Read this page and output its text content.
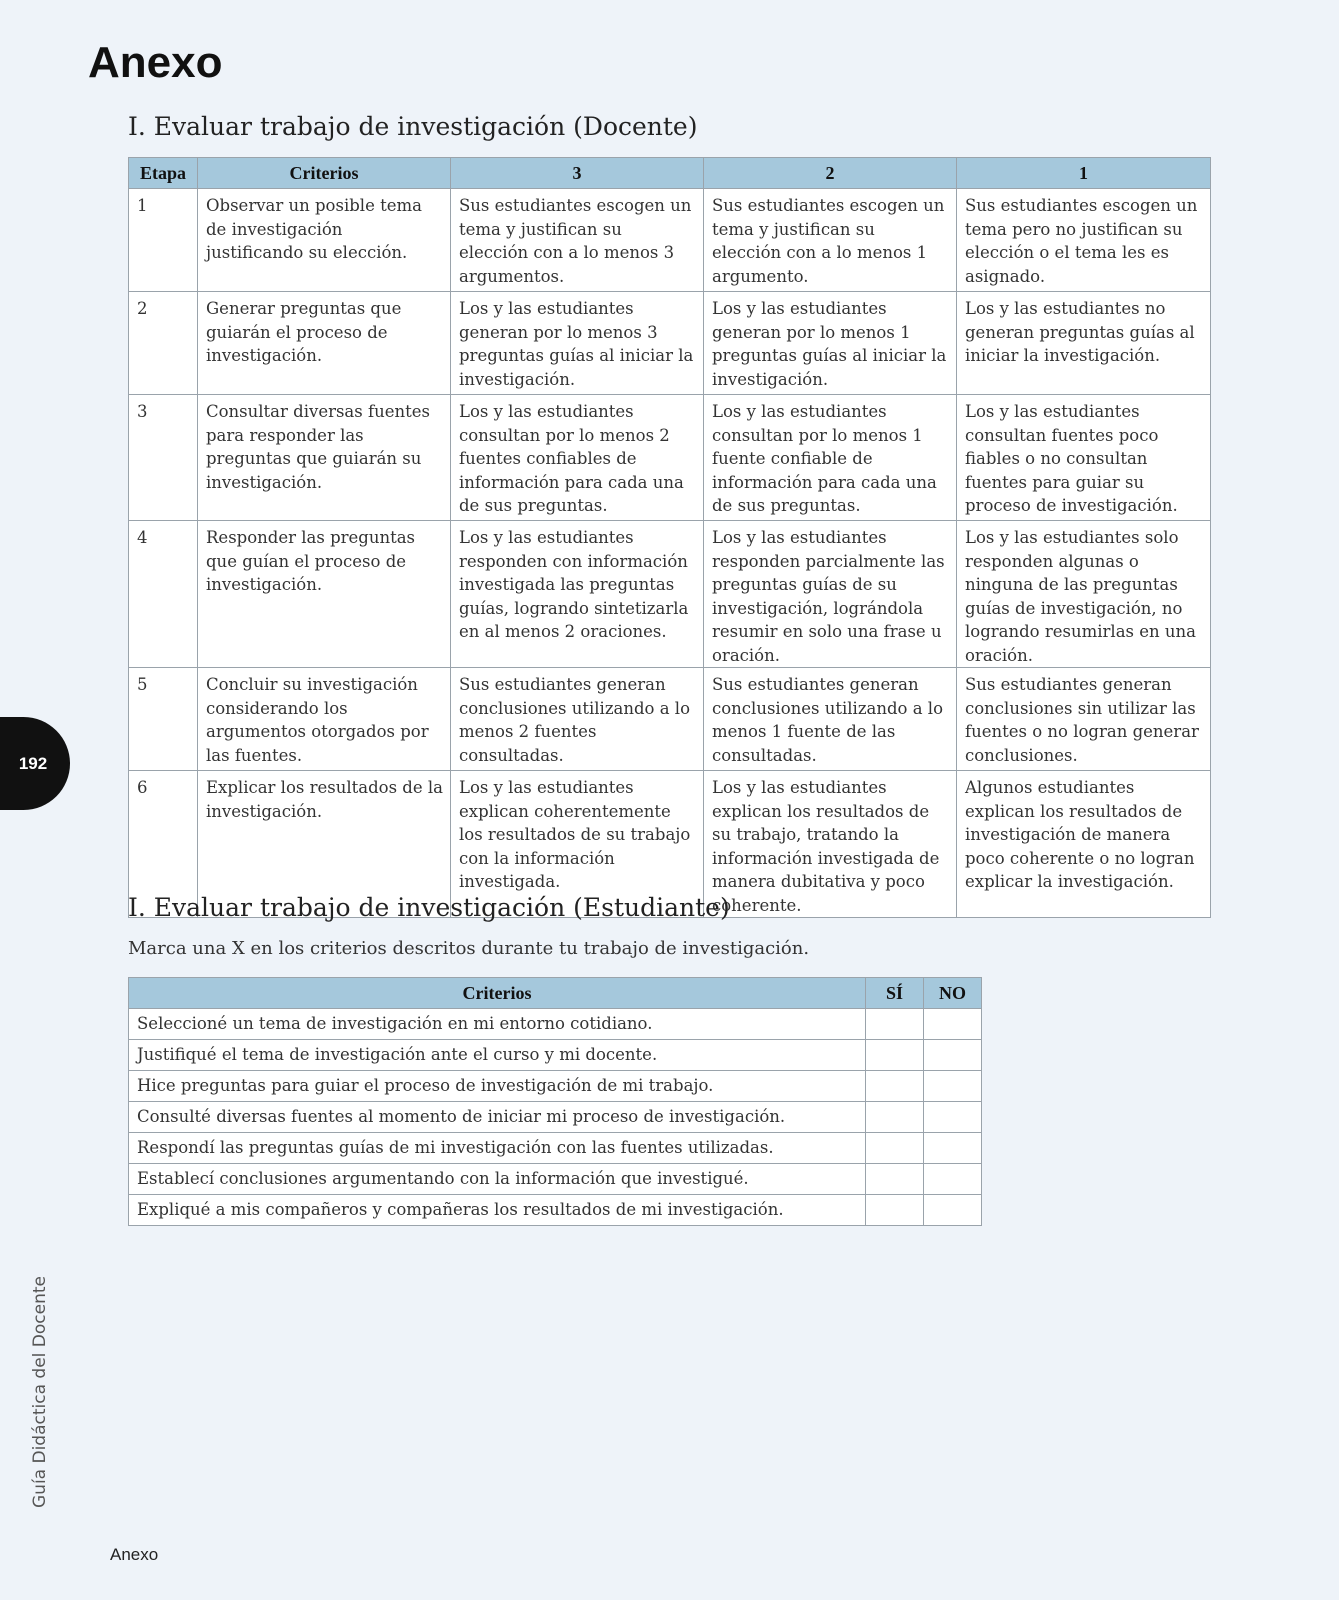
Anexo
I. Evaluar trabajo de investigación (Docente)
Etapa	Criterios	3	2	1
1	Observar un posible tema de investigación justificando su elección.	Sus estudiantes escogen un tema y justifican su elección con a lo menos 3 argumentos.	Sus estudiantes escogen un tema y justifican su elección con a lo menos 1 argumento.	Sus estudiantes escogen un tema pero no justifican su elección o el tema les es asignado.
2	Generar preguntas que guiarán el proceso de investigación.	Los y las estudiantes generan por lo menos 3 preguntas guías al iniciar la investigación.	Los y las estudiantes generan por lo menos 1 preguntas guías al iniciar la investigación.	Los y las estudiantes no generan preguntas guías al iniciar la investigación.
3	Consultar diversas fuentes para responder las preguntas que guiarán su investigación.	Los y las estudiantes consultan por lo menos 2 fuentes confiables de información para cada una de sus preguntas.	Los y las estudiantes consultan por lo menos 1 fuente confiable de información para cada una de sus preguntas.	Los y las estudiantes consultan fuentes poco fiables o no consultan fuentes para guiar su proceso de investigación.
4	Responder las preguntas que guían el proceso de investigación.	Los y las estudiantes responden con información investigada las preguntas guías, logrando sintetizarla en al menos 2 oraciones.	Los y las estudiantes responden parcialmente las preguntas guías de su investigación, lográndola resumir en solo una frase u oración.	Los y las estudiantes solo responden algunas o ninguna de las preguntas guías de investigación, no logrando resumirlas en una oración.
5	Concluir su investigación considerando los argumentos otorgados por las fuentes.	Sus estudiantes generan conclusiones utilizando a lo menos 2 fuentes consultadas.	Sus estudiantes generan conclusiones utilizando a lo menos 1 fuente de las consultadas.	Sus estudiantes generan conclusiones sin utilizar las fuentes o no logran generar conclusiones.
6	Explicar los resultados de la investigación.	Los y las estudiantes explican coherentemente los resultados de su trabajo con la información investigada.	Los y las estudiantes explican los resultados de su trabajo, tratando la información investigada de manera dubitativa y poco coherente.	Algunos estudiantes explican los resultados de investigación de manera poco coherente o no logran explicar la investigación.
I. Evaluar trabajo de investigación (Estudiante)
Marca una X en los criterios descritos durante tu trabajo de investigación.
Criterios	SÍ	NO
Seleccioné un tema de investigación en mi entorno cotidiano.		
Justifiqué el tema de investigación ante el curso y mi docente.		
Hice preguntas para guiar el proceso de investigación de mi trabajo.		
Consulté diversas fuentes al momento de iniciar mi proceso de investigación.		
Respondí las preguntas guías de mi investigación con las fuentes utilizadas.		
Establecí conclusiones argumentando con la información que investigué.		
Expliqué a mis compañeros y compañeras los resultados de mi investigación.		
192
Guía Didáctica del Docente
Anexo
